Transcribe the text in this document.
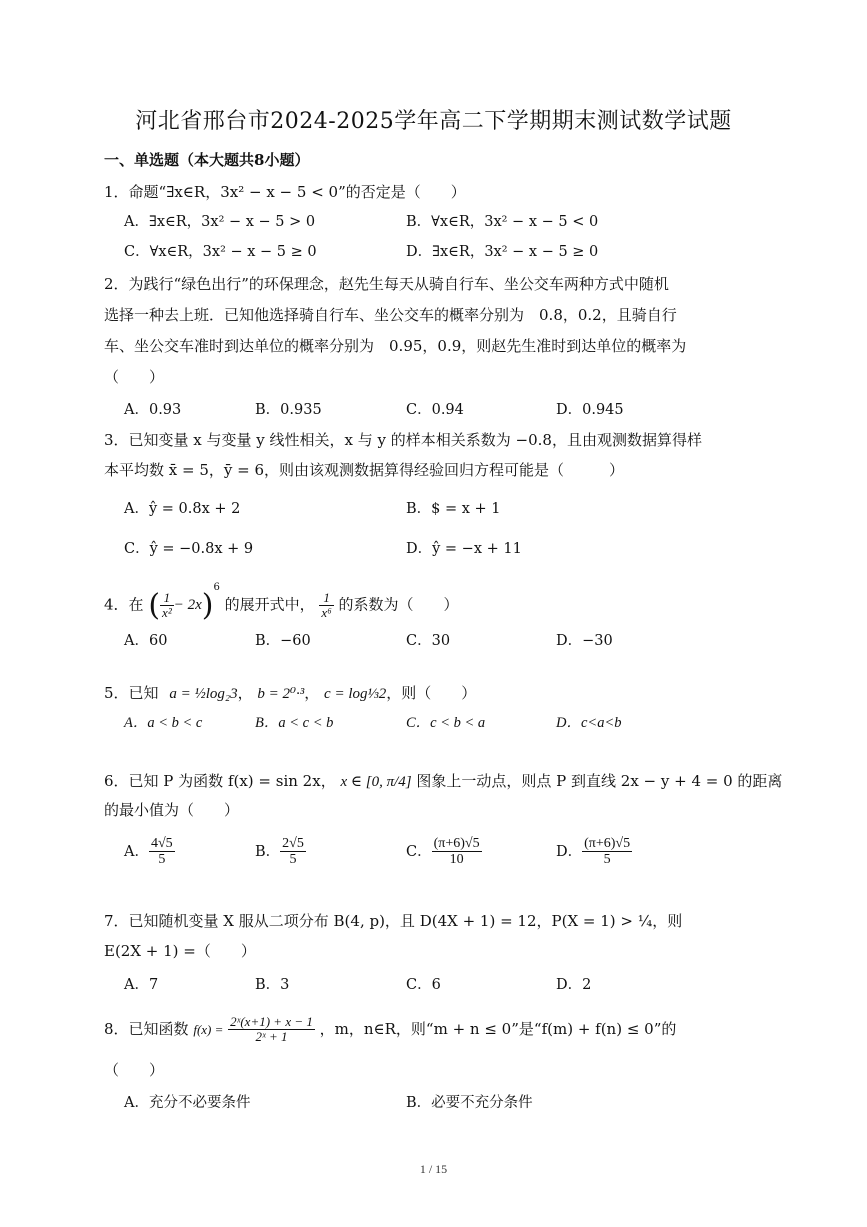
河北省邢台市2024-2025学年高二下学期期末测试数学试题
一、单选题（本大题共8小题）
1．命题“∃x∈R，3x² − x − 5 < 0”的否定是（　　）
A．∃x∈R，3x² − x − 5 > 0	B．∀x∈R，3x² − x − 5 < 0
C．∀x∈R，3x² − x − 5 ≥ 0	D．∃x∈R，3x² − x − 5 ≥ 0
2．为践行“绿色出行”的环保理念，赵先生每天从骑自行车、坐公交车两种方式中随机
选择一种去上班．已知他选择骑自行车、坐公交车的概率分别为　0.8，0.2，且骑自行
车、坐公交车准时到达单位的概率分别为　0.95，0.9，则赵先生准时到达单位的概率为
（　　）
A．0.93	B．0.935	C．0.94	D．0.945
3．已知变量 x 与变量 y 线性相关，x 与 y 的样本相关系数为 −0.8，且由观测数据算得样
本平均数 x̄ = 5，ȳ = 6，则由该观测数据算得经验回归方程可能是（　　　）
A．ŷ = 0.8x + 2	B．$ = x + 1
C．ŷ = −0.8x + 9	D．ŷ = −x + 11
4．在 ( $\frac{1}{\text{x²}} - 2x)^6$ 的展开式中， $\frac{1}{\text{x⁶}}$ 的系数为（　　）
A．60	B．−60	C．30	D．−30
5．已知 a = ½log₂3， b = 2⁰·³， c = log⅓2，则（　　）
A．a < b < c	B．a < c < b	C．c < b < a	D．c<a<b
6．已知 P 为函数 f(x) = sin 2x， x ∈ [0, π/4] 图象上一动点，则点 P 到直线 2x − y + 4 = 0 的距离
的最小值为（　　）
A． $\frac{4√5}{5}$	B． $\frac{2√5}{5}$	C． $\frac{(\pi+6)√5}{10}$	D． $\frac{(\pi+6)√5}{5}$
7．已知随机变量 X 服从二项分布 B(4, p)，且 D(4X + 1) = 12，P(X = 1) > ¼，则
E(2X + 1) =（　　）
A．7	B．3	C．6	D．2
8．已知函数 $f(x) = \frac{\text{2ˣ(x+1) + x − 1}}{\text{2ˣ + 1}}$ ，m，n∈R，则“m + n ≤ 0”是“f(m) + f(n) ≤ 0”的
（　　）
A．充分不必要条件	B．必要不充分条件
1 / 15
